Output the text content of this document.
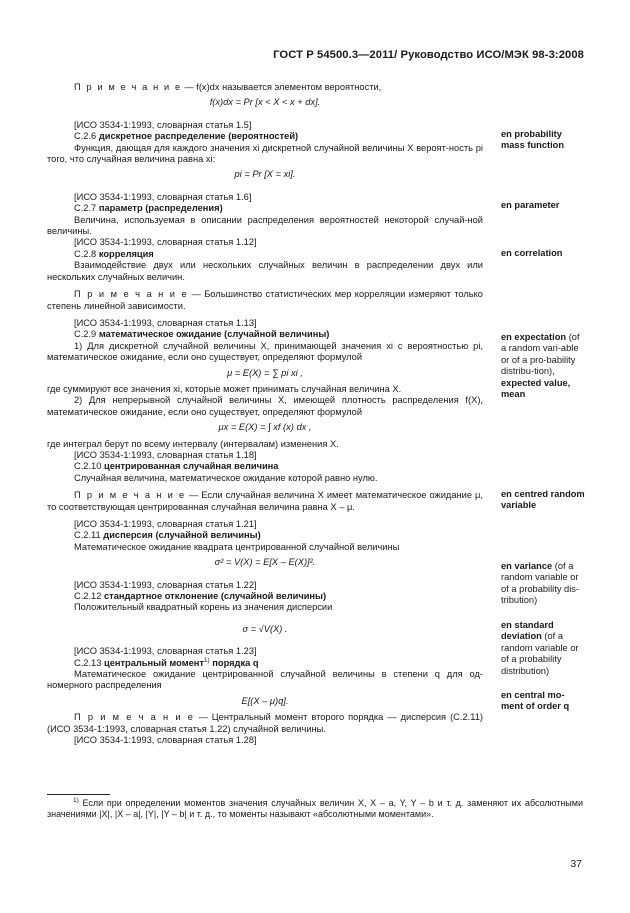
ГОСТ Р 54500.3—2011/ Руководство ИСО/МЭК 98-3:2008

П р и м е ч а н и е — f(x)dx называется элементом вероятности,

f(x)dx = Pr [x < X < x + dx].

[ИСО 3534-1:1993, словарная статья 1.5]

C.2.6 дискретное распределение (вероятностей)

Функция, дающая для каждого значения xi дискретной случайной величины X вероят-ность pi того, что случайная величина равна xi:

pi = Pr [X = xi].

[ИСО 3534-1:1993, словарная статья 1.6]

C.2.7 параметр (распределения)

Величина, используемая в описании распределения вероятностей некоторой случай-ной величины.

[ИСО 3534-1:1993, словарная статья 1.12]

C.2.8 корреляция

Взаимодействие двух или нескольких случайных величин в распределении двух или нескольких случайных величин.

П р и м е ч а н и е — Большинство статистических мер корреляции измеряют только степень линейной зависимости.

[ИСО 3534-1:1993, словарная статья 1.13]

C.2.9 математическое ожидание (случайной величины)

1) Для дискретной случайной величины X, принимающей значения xi с вероятностью pi, математическое ожидание, если оно существует, определяют формулой

μ = E(X) = ∑ pi xi ,

где суммируют все значения xi, которые может принимать случайная величина X.

2) Для непрерывной случайной величины X, имеющей плотность распределения f(X), математическое ожидание, если оно существует, определяют формулой

μx = E(X) = ∫ xf (x) dx ,

где интеграл берут по всему интервалу (интервалам) изменения X.

[ИСО 3534-1:1993, словарная статья 1.18]

C.2.10 центрированная случайная величина

Случайная величина, математическое ожидание которой равно нулю.

П р и м е ч а н и е — Если случайная величина X имеет математическое ожидание μ, то соответствующая центрированная случайная величина равна X – μ.

[ИСО 3534-1:1993, словарная статья 1.21]

C.2.11 дисперсия (случайной величины)

Математическое ожидание квадрата центрированной случайной величины

σ² = V(X) = E[X – E(X)]².

[ИСО 3534-1:1993, словарная статья 1.22]

C.2.12 стандартное отклонение (случайной величины)

Положительный квадратный корень из значения дисперсии

σ = √V(X) .

[ИСО 3534-1:1993, словарная статья 1.23]

C.2.13 центральный момент$^{1)}$ порядка q

Математическое ожидание центрированной случайной величины в степени q для од-номерного распределения

E[(X – μ)q].

П р и м е ч а н и е — Центральный момент второго порядка — дисперсия (С.2.11) (ИСО 3534-1:1993, словарная статья 1.22) случайной величины.

[ИСО 3534-1:1993, словарная статья 1.28]

en probability mass function
en parameter
en correlation
en expectation (of a random vari-able or of a pro-bability distribu-tion), expected value, mean
en centred random variable
en variance (of a random variable or of a probability dis-tribution)
en standard deviation (of a random variable or of a probability distribution)
en central mo-ment of order q
$^{1)}$ Если при определении моментов значения случайных величин X, X – a, Y, Y – b и т. д. заменяют их абсолютными значениями |X|, |X – a|, |Y|, |Y – b| и т. д., то моменты называют «абсолютными моментами».
37
